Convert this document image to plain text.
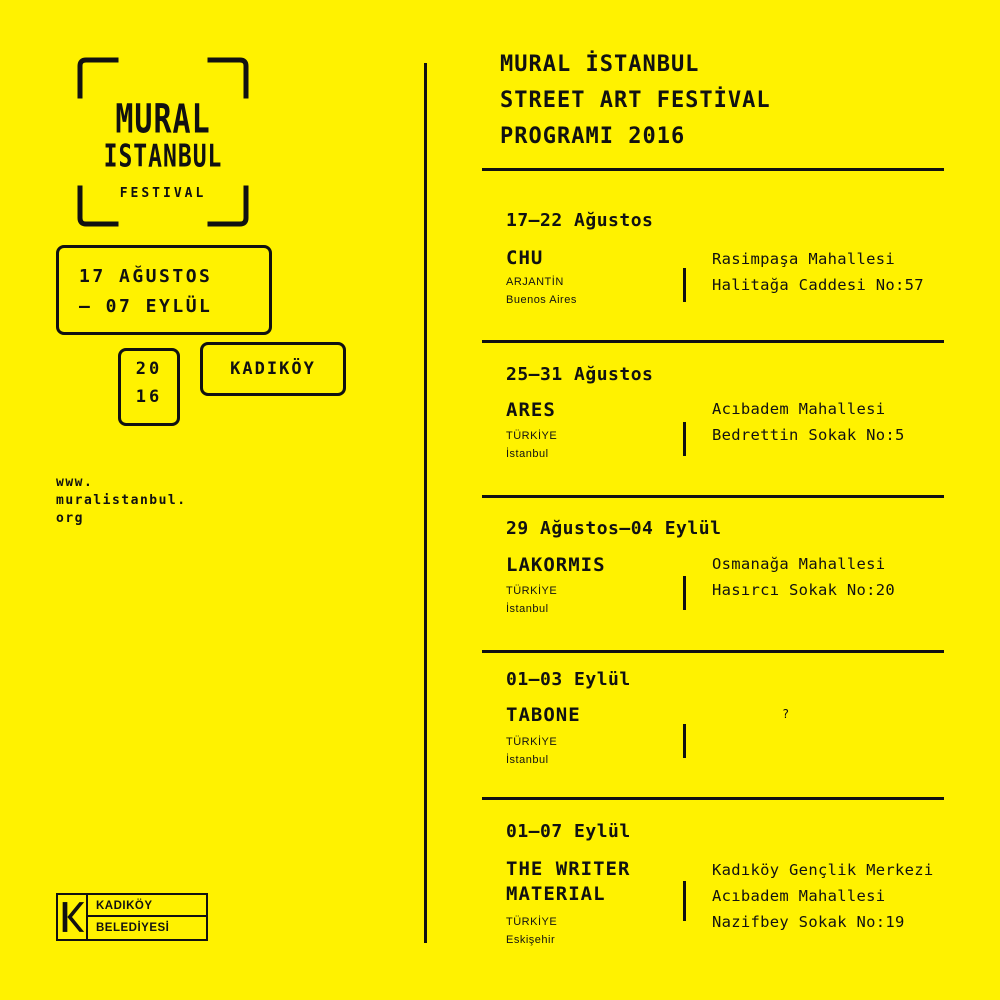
MURAL
ISTANBUL
FESTIVAL
17 AĞUSTOS
— 07 EYLÜL
20
16
KADIKÖY
www.
muralistanbul.
org
KADIKÖY
BELEDİYESİ
MURAL İSTANBUL
STREET ART FESTİVAL
PROGRAMI 2016
17—22 Ağustos
CHU
ARJANTİN
Buenos Aires
Rasimpaşa Mahallesi
Halitağa Caddesi No:57
25—31 Ağustos
ARES
TÜRKİYE
İstanbul
Acıbadem Mahallesi
Bedrettin Sokak No:5
29 Ağustos—04 Eylül
LAKORMIS
TÜRKİYE
İstanbul
Osmanağa Mahallesi
Hasırcı Sokak No:20
01—03 Eylül
TABONE
TÜRKİYE
İstanbul
?
01—07 Eylül
THE WRITER
MATERIAL
TÜRKİYE
Eskişehir
Kadıköy Gençlik Merkezi
Acıbadem Mahallesi
Nazifbey Sokak No:19
